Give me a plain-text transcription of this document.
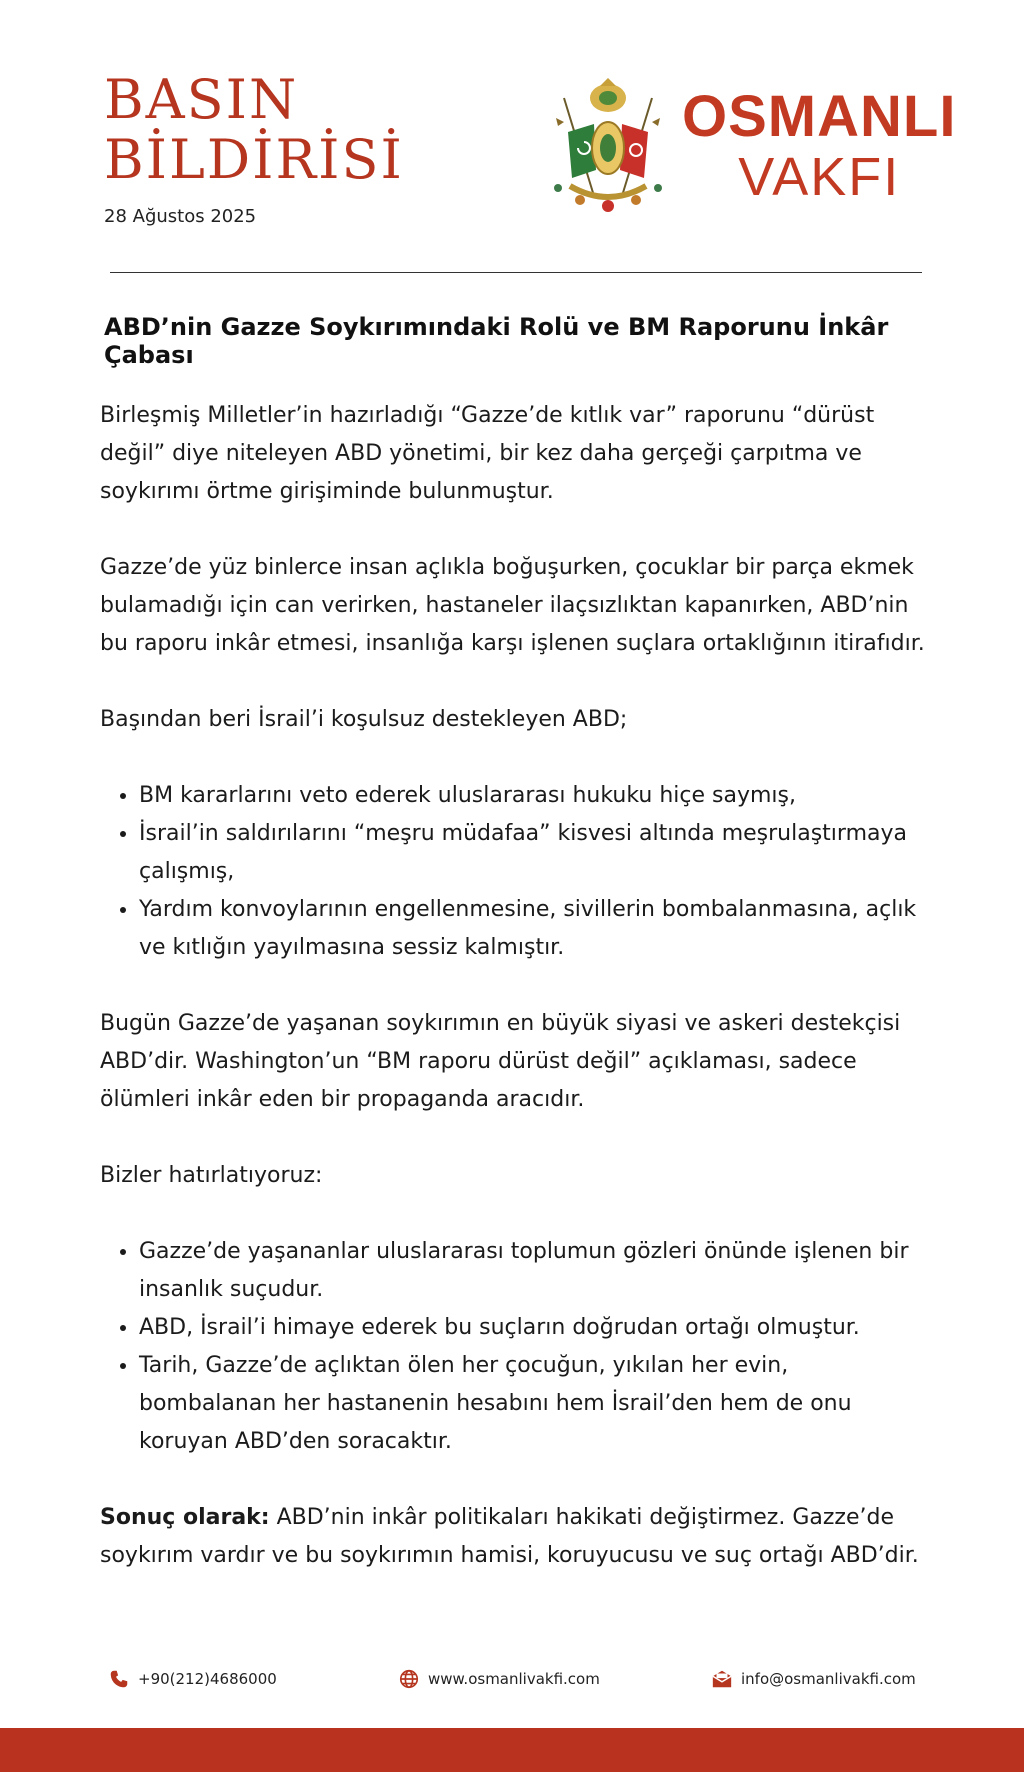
BASIN
BİLDİRİSİ
28 Ağustos 2025
OSMANLI
VAKFI
ABD’nin Gazze Soykırımındaki Rolü ve BM Raporunu İnkâr Çabası

Birleşmiş Milletler’in hazırladığı “Gazze’de kıtlık var” raporunu “dürüst değil” diye niteleyen ABD yönetimi, bir kez daha gerçeği çarpıtma ve soykırımı örtme girişiminde bulunmuştur.

Gazze’de yüz binlerce insan açlıkla boğuşurken, çocuklar bir parça ekmek bulamadığı için can verirken, hastaneler ilaçsızlıktan kapanırken, ABD’nin bu raporu inkâr etmesi, insanlığa karşı işlenen suçlara ortaklığının itirafıdır.

Başından beri İsrail’i koşulsuz destekleyen ABD;

• BM kararlarını veto ederek uluslararası hukuku hiçe saymış,
• İsrail’in saldırılarını “meşru müdafaa” kisvesi altında meşrulaştırmaya çalışmış,
• Yardım konvoylarının engellenmesine, sivillerin bombalanmasına, açlık ve kıtlığın yayılmasına sessiz kalmıştır.

Bugün Gazze’de yaşanan soykırımın en büyük siyasi ve askeri destekçisi ABD’dir. Washington’un “BM raporu dürüst değil” açıklaması, sadece ölümleri inkâr eden bir propaganda aracıdır.

Bizler hatırlatıyoruz:

• Gazze’de yaşananlar uluslararası toplumun gözleri önünde işlenen bir insanlık suçudur.
• ABD, İsrail’i himaye ederek bu suçların doğrudan ortağı olmuştur.
• Tarih, Gazze’de açlıktan ölen her çocuğun, yıkılan her evin, bombalanan her hastanenin hesabını hem İsrail’den hem de onu koruyan ABD’den soracaktır.

Sonuç olarak: ABD’nin inkâr politikaları hakikati değiştirmez. Gazze’de soykırım vardır ve bu soykırımın hamisi, koruyucusu ve suç ortağı ABD’dir.

+90(212)4686000	www.osmanlivakfi.com	info@osmanlivakfi.com
